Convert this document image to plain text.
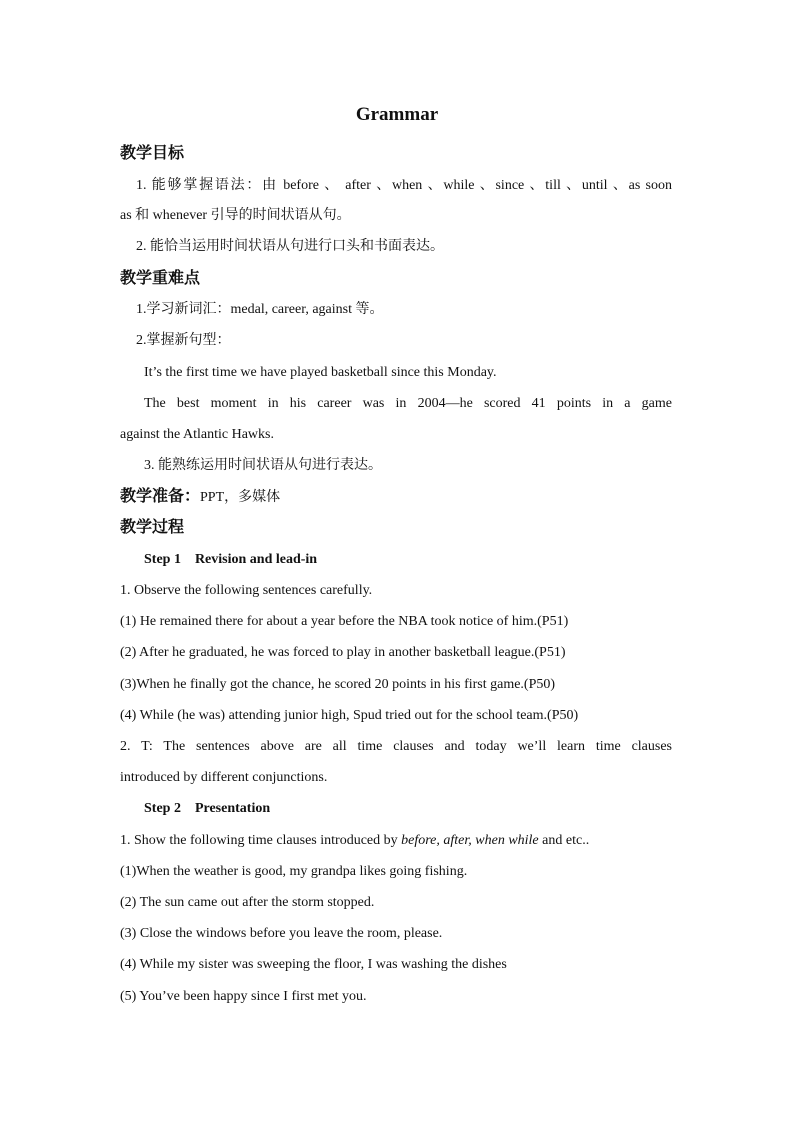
Grammar
教学目标
1. 能够掌握语法：由 before 、 after 、when 、while 、since 、till 、until 、as soon
as 和 whenever 引导的时间状语从句。
2. 能恰当运用时间状语从句进行口头和书面表达。
教学重难点
1.学习新词汇：medal, career, against 等。
2.掌握新句型：
It’s the first time we have played basketball since this Monday.
The best moment in his career was in 2004—he scored 41 points in a game
against the Atlantic Hawks.
3. 能熟练运用时间状语从句进行表达。
教学准备：PPT，多媒体
教学过程
Step 1    Revision and lead-in
1. Observe the following sentences carefully.
(1) He remained there for about a year before the NBA took notice of him.(P51)
(2) After he graduated, he was forced to play in another basketball league.(P51)
(3)When he finally got the chance, he scored 20 points in his first game.(P50)
(4) While (he was) attending junior high, Spud tried out for the school team.(P50)
2. T: The sentences above are all time clauses and today we’ll learn time clauses
introduced by different conjunctions.
Step 2    Presentation
1. Show the following time clauses introduced by before, after, when while and etc..
(1)When the weather is good, my grandpa likes going fishing.
(2) The sun came out after the storm stopped.
(3) Close the windows before you leave the room, please.
(4) While my sister was sweeping the floor, I was washing the dishes
(5) You’ve been happy since I first met you.
